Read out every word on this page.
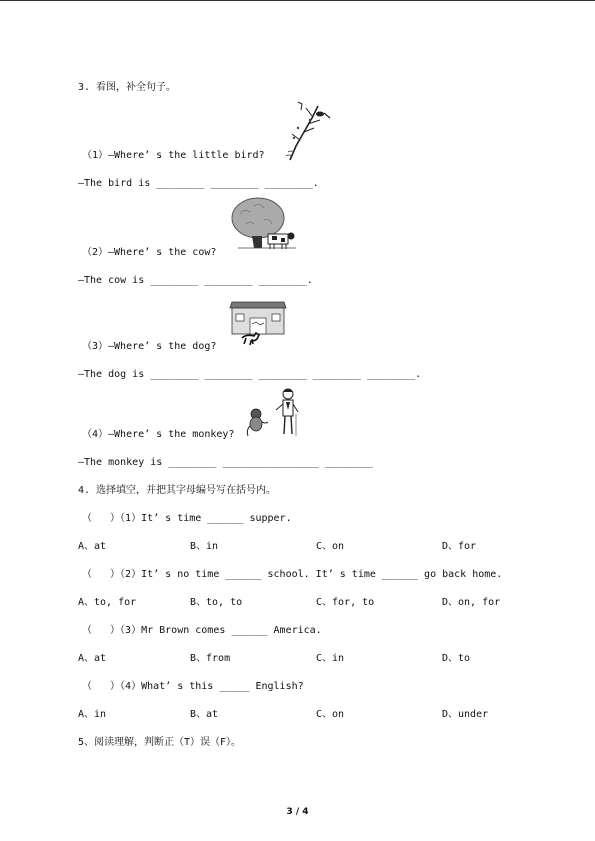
3. 看图，补全句子。
（1）—Where’ s the little bird?
—The bird is ________ ________ ________.
（2）—Where’ s the cow?
—The cow is ________ ________ ________.
（3）—Where’ s the dog?
—The dog is ________ ________ ________ ________ ________.
（4）—Where’ s the monkey?
—The monkey is ________ ________________ ________
4. 选择填空，并把其字母编号写在括号内。
（   ）（1）It’ s time ______ supper.
A、at	B、in	C、on	D、for
（   ）（2）It’ s no time ______ school. It’ s time ______ go back home.
A、to, for	B、to, to	C、for, to	D、on, for
（   ）（3）Mr Brown comes ______ America.
A、at	B、from	C、in	D、to
（   ）（4）What’ s this _____ English?
A、in	B、at	C、on	D、under
5、阅读理解，判断正（T）误（F）。
3 / 4
